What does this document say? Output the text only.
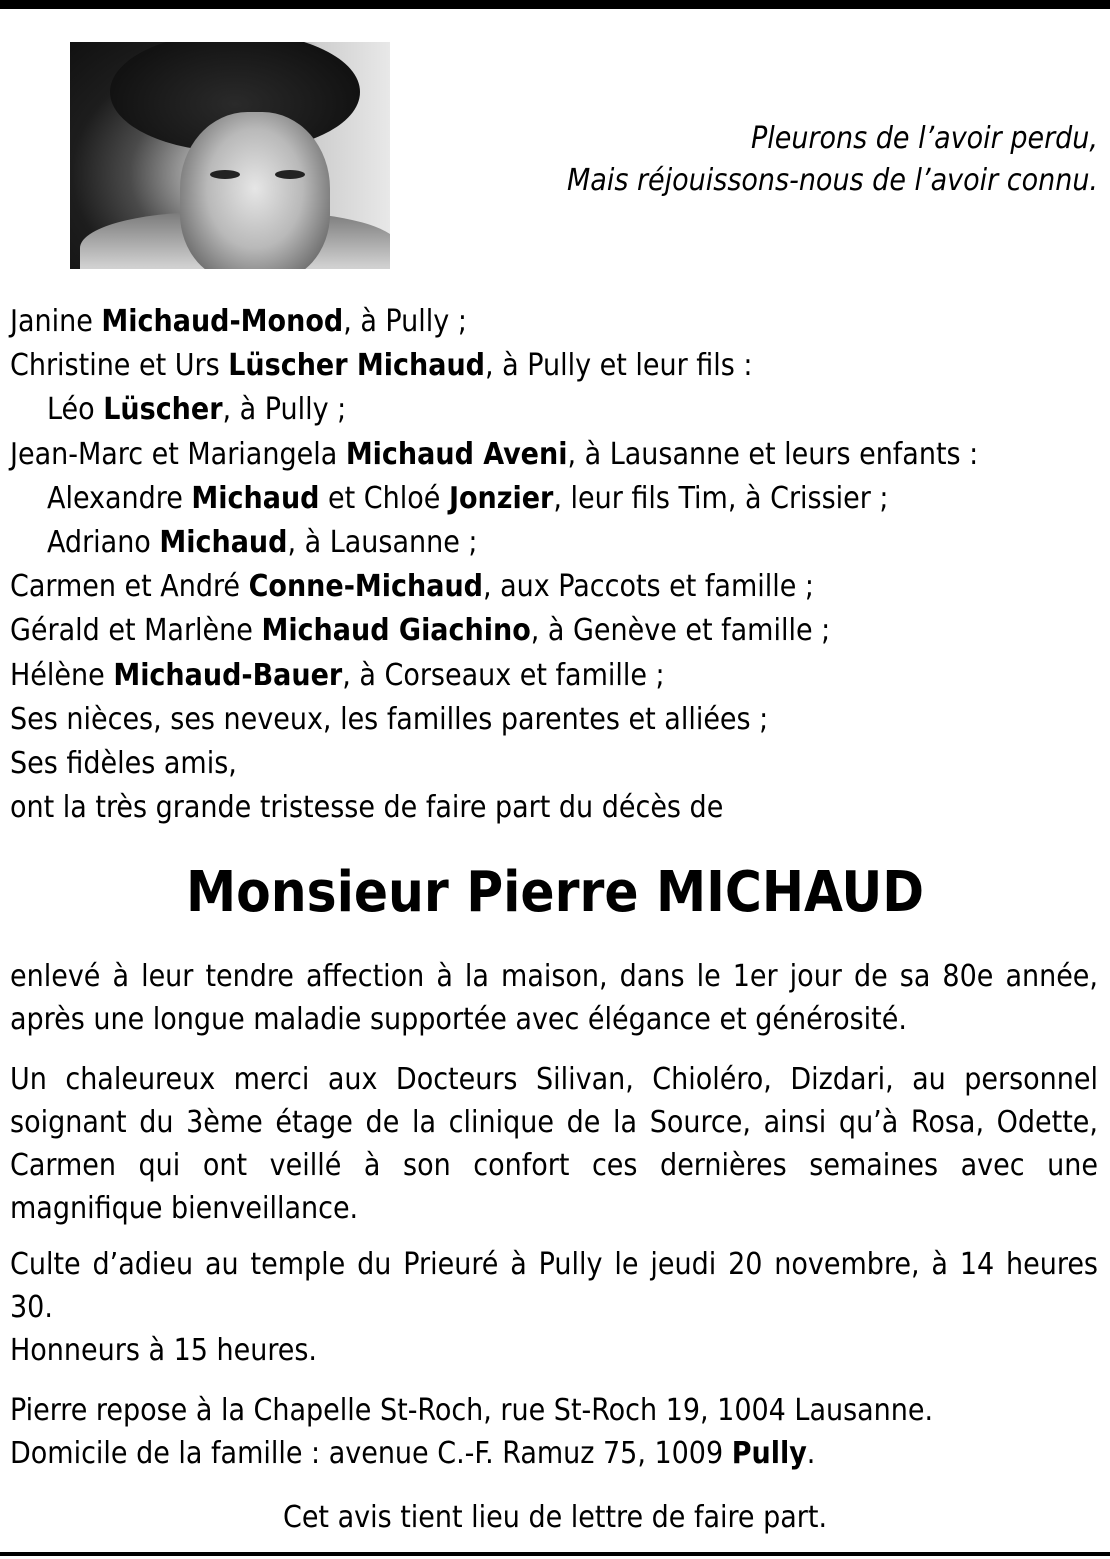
Pleurons de l’avoir perdu,
Mais réjouissons-nous de l’avoir connu.
Janine Michaud-Monod, à Pully ;
Christine et Urs Lüscher Michaud, à Pully et leur fils :
Léo Lüscher, à Pully ;
Jean-Marc et Mariangela Michaud Aveni, à Lausanne et leurs enfants :
Alexandre Michaud et Chloé Jonzier, leur fils Tim, à Crissier ;
Adriano Michaud, à Lausanne ;
Carmen et André Conne-Michaud, aux Paccots et famille ;
Gérald et Marlène Michaud Giachino, à Genève et famille ;
Hélène Michaud-Bauer, à Corseaux et famille ;
Ses nièces, ses neveux, les familles parentes et alliées ;
Ses fidèles amis,
ont la très grande tristesse de faire part du décès de
Monsieur Pierre MICHAUD
enlevé à leur tendre affection à la maison, dans le 1er jour de sa 80e année, après une longue maladie supportée avec élégance et générosité.
Un chaleureux merci aux Docteurs Silivan, Chioléro, Dizdari, au personnel soignant du 3ème étage de la clinique de la Source, ainsi qu’à Rosa, Odette, Carmen qui ont veillé à son confort ces dernières semaines avec une magnifique bienveillance.
Culte d’adieu au temple du Prieuré à Pully le jeudi 20 novembre, à 14 heures 30.
Honneurs à 15 heures.
Pierre repose à la Chapelle St-Roch, rue St-Roch 19, 1004 Lausanne.
Domicile de la famille : avenue C.-F. Ramuz 75, 1009 Pully.
Cet avis tient lieu de lettre de faire part.
